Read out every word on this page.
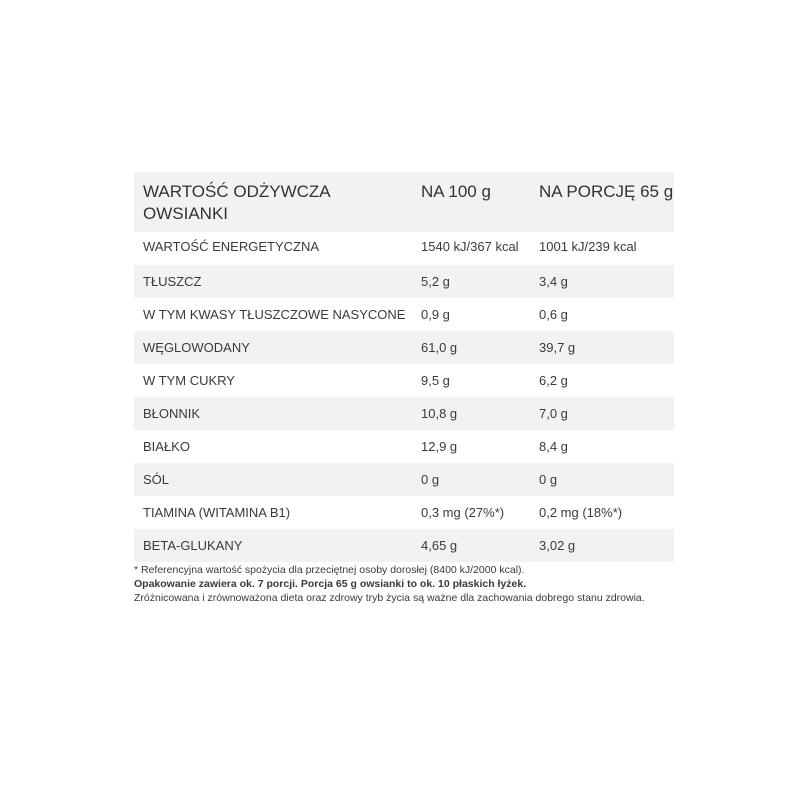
WARTOŚĆ ODŻYWCZA OWSIANKI	NA 100 g	NA PORCJĘ 65 g
WARTOŚĆ ENERGETYCZNA	1540 kJ/367 kcal	1001 kJ/239 kcal
TŁUSZCZ	5,2 g	3,4 g
W TYM KWASY TŁUSZCZOWE NASYCONE	0,9 g	0,6 g
WĘGLOWODANY	61,0 g	39,7 g
W TYM CUKRY	9,5 g	6,2 g
BŁONNIK	10,8 g	7,0 g
BIAŁKO	12,9 g	8,4 g
SÓL	0 g	0 g
TIAMINA (WITAMINA B1)	0,3 mg (27%*)	0,2 mg (18%*)
BETA-GLUKANY	4,65 g	3,02 g

* Referencyjna wartość spożycia dla przeciętnej osoby dorosłej (8400 kJ/2000 kcal).

Opakowanie zawiera ok. 7 porcji. Porcja 65 g owsianki to ok. 10 płaskich łyżek.

Zróżnicowana i zrównoważona dieta oraz zdrowy tryb życia są ważne dla zachowania dobrego stanu zdrowia.
